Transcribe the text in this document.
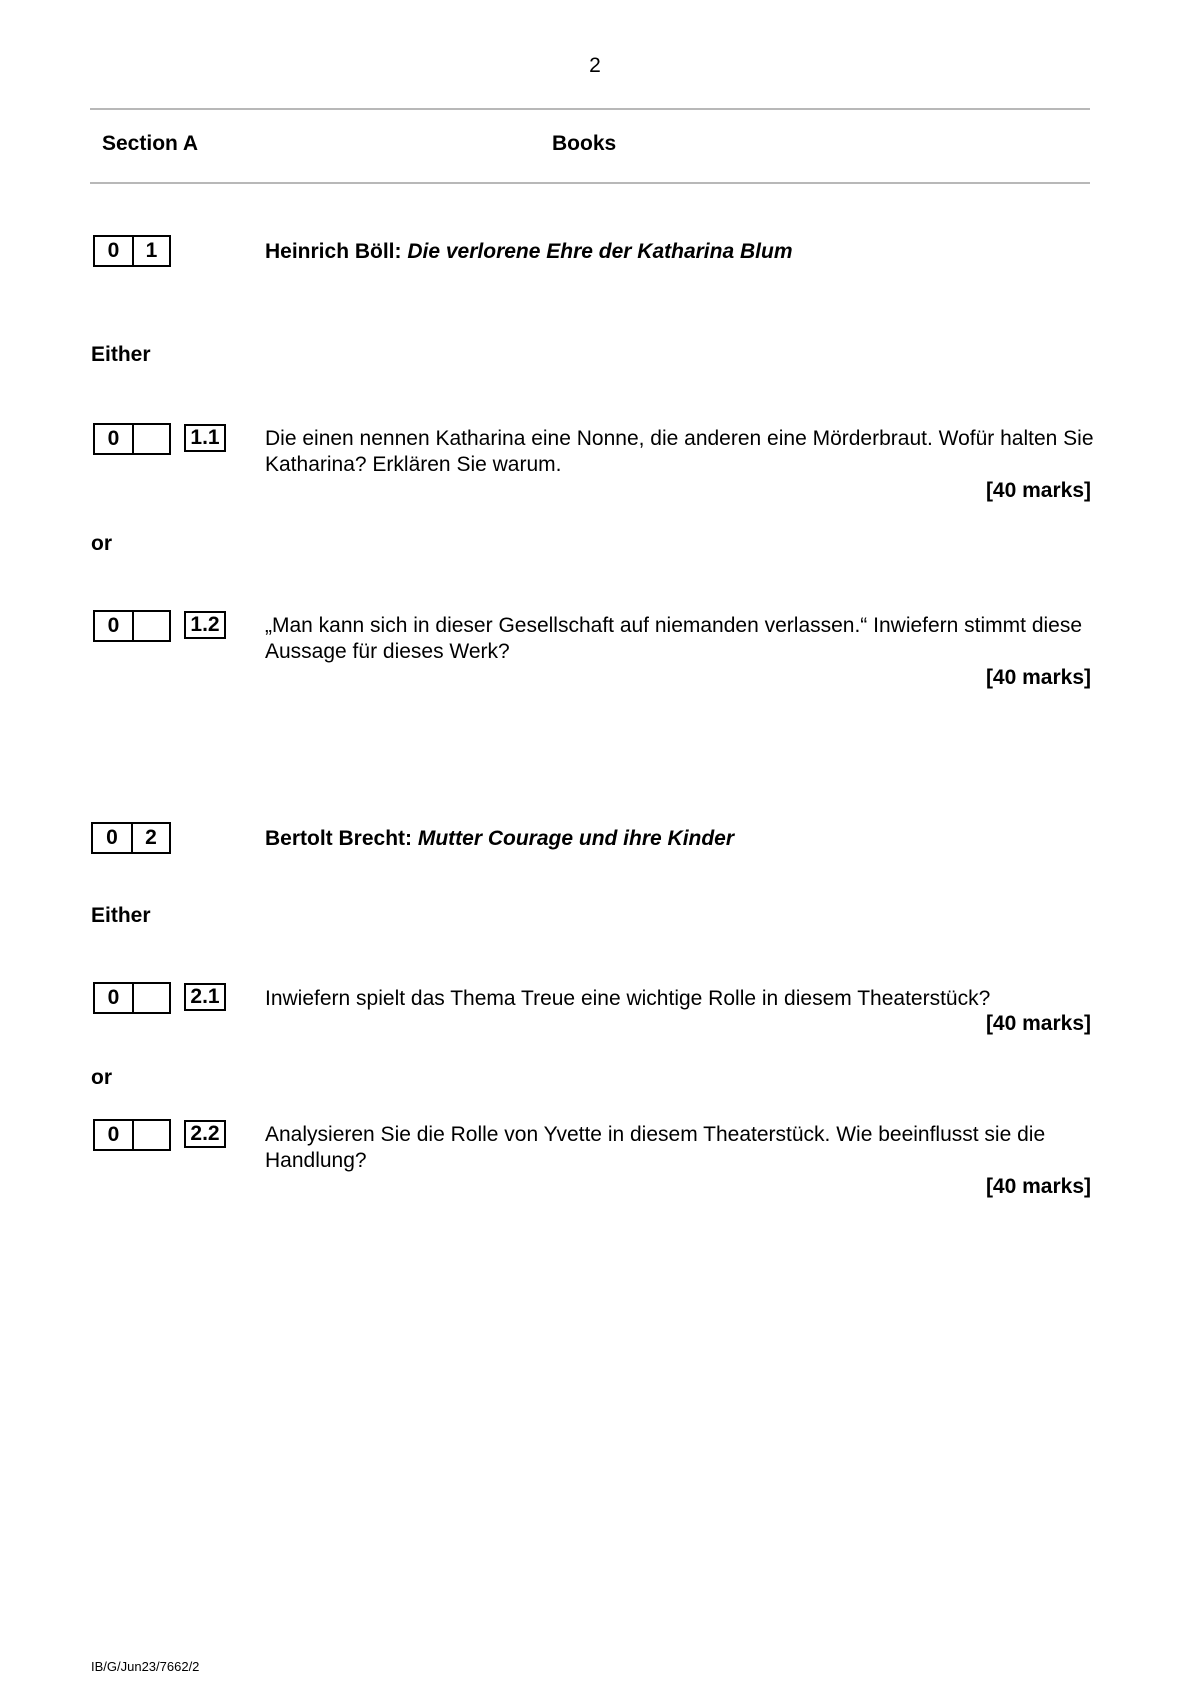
2
Section A	Books
0	1	Heinrich Böll: Die verlorene Ehre der Katharina Blum
Either
0	1.1	Die einen nennen Katharina eine Nonne, die anderen eine Mörderbraut. Wofür halten Sie Katharina? Erklären Sie warum.
[40 marks]
or
0	1.2	„Man kann sich in dieser Gesellschaft auf niemanden verlassen.“ Inwiefern stimmt diese Aussage für dieses Werk?
[40 marks]
0	2	Bertolt Brecht: Mutter Courage und ihre Kinder
Either
0	2.1	Inwiefern spielt das Thema Treue eine wichtige Rolle in diesem Theaterstück?
[40 marks]
or
0	2.2	Analysieren Sie die Rolle von Yvette in diesem Theaterstück. Wie beeinflusst sie die Handlung?
[40 marks]
IB/G/Jun23/7662/2
